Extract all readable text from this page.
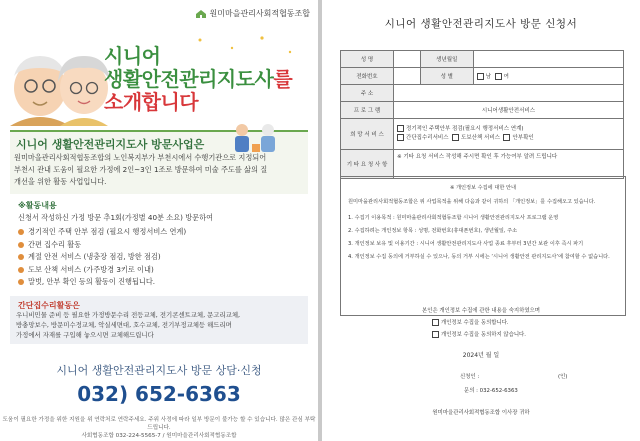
원미마을관리사회적협동조합
시니어
생활안전관리지도사를
소개합니다
시니어 생활안전관리지도사 방문사업은
원미마을관리사회적협동조합의 노인복지부가 부천시에서 수행기관으로 지정되어
부천시 관내 도움이 필요한 가정에 2인~3인 1조로 방문하여 미술 주도를 삶의 질
개선을 위한 활동 사업입니다.
※활동내용
신청서 작성하신 가정 방문 추1회(가정별 40분 소요) 방문하여
경기적인 주택 안부 점검 (필요시 행정서비스 연계)
간편 집수리 활동
계절 안전 서비스 (냉충장 점검, 방한 점검)
도보 산책 서비스 (가주방경 3키로 이내)
말벗, 안부 확인 등의 활동이 진행됩니다.
간단집수리활동은
우니비민물 준비 등 필요한 가정방문수리 전등교체, 전기콘센트교체, 문고리교체,
방충망보수, 방문미수정교체, 악실세면대, 호수교체, 전기부정교체등 해드리며
가정에서 자재를 구입해 놓으시면 교체해드립니다
시니어 생활안전관리지도사 방문 상담·신청
032) 652-6363
도움이 필요한 가정을 위한 지원을 위 연락처로 연락주세요. 주위 사정에 따라 일부 방문이 불가능 할 수 있습니다. 많은 관심 부탁드립니다.
사회협동조합 032-224-5565-7 / 원미마을관리사회적협동조합
시니어 생활안전관리지도사 방문 신청서
성 명		생년월일	
전화번호		성 별	남 여
주 소			
프 로 그 램	시니어생활안전서비스		
희 망 서 비 스	정기적인 주택안부 점검(필요시 행정서비스 연계)
간단집수리서비스 도보산책 서비스 안부확인		

기 타 요 청 사 항	※ 기타 요청 서비스 작성해 주시면 확인 후 가능여부 알려 드립니다		
※ 개인정보 수집에 대한 안내
원미마을관리사회적협동조합은 위 사업목적을 위해 다음과 같이 귀하의 「개인정보」를 수집해오고 있습니다.
1. 수집기 이용목적 : 원미마을관리사회적협동조합 시니어 생활안전관리지도사 프로그램 운영
2. 수집하려는 개인정보 항목 : 성명, 전화번호(휴대폰번호), 생년월일, 주소
3. 개인정보 보유 및 이용기간 : 시니어 생활안전관리지도사 사업 종료 후부터 3년간 보관 이후 즉시 파기
4. 개인정보 수집 동의에 거부하실 수 있으나, 동의 거부 시에는 ‘시니어 생활안전 관리지도사’에 참여할 수 없습니다.
본인은 개인정보 수집에 관한 내용을 숙지하였으며
개인정보 수집을 동의합니다.
개인정보 수집을 동의하지 않습니다.
2024년 월 일
신청인 :	(인)
문의 : 032-652-6363
원미마을관리사회적협동조합 이사장 귀하
